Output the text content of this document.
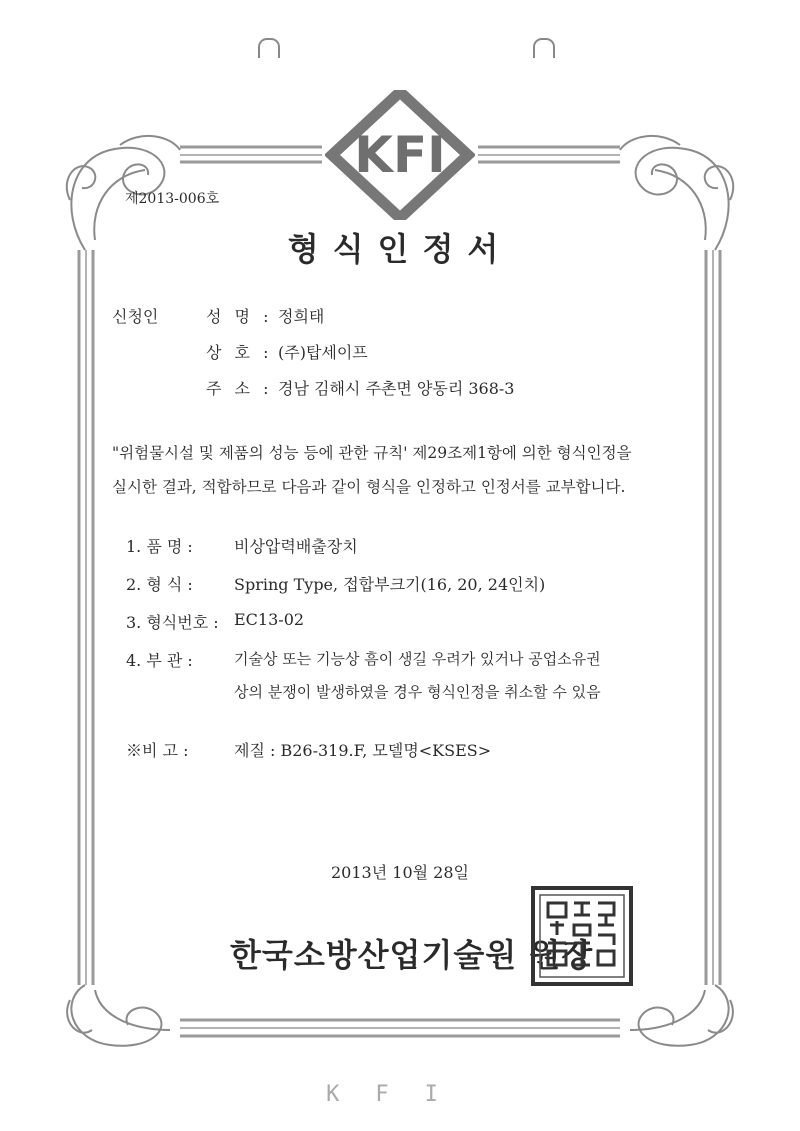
KFI
제2013-006호
형식인정서
신청인	성 명 : 정희태
상 호 : (주)탑세이프
주 소 : 경남 김해시 주촌면 양동리 368-3
"위험물시설 및 제품의 성능 등에 관한 규칙' 제29조제1항에 의한 형식인정을
실시한 결과, 적합하므로 다음과 같이 형식을 인정하고 인정서를 교부합니다.
1. 품 명 :	비상압력배출장치
2. 형 식 :	Spring Type, 접합부크기(16, 20, 24인치)
3. 형식번호 : EC13-02
4. 부 관 :	기술상 또는 기능상 흠이 생길 우려가 있거나 공업소유권
상의 분쟁이 발생하였을 경우 형식인정을 취소할 수 있음
※비 고 :	제질 : B26-319.F, 모델명<KSES>
2013년 10월 28일
한국소방산업기술원 원장
KFI
